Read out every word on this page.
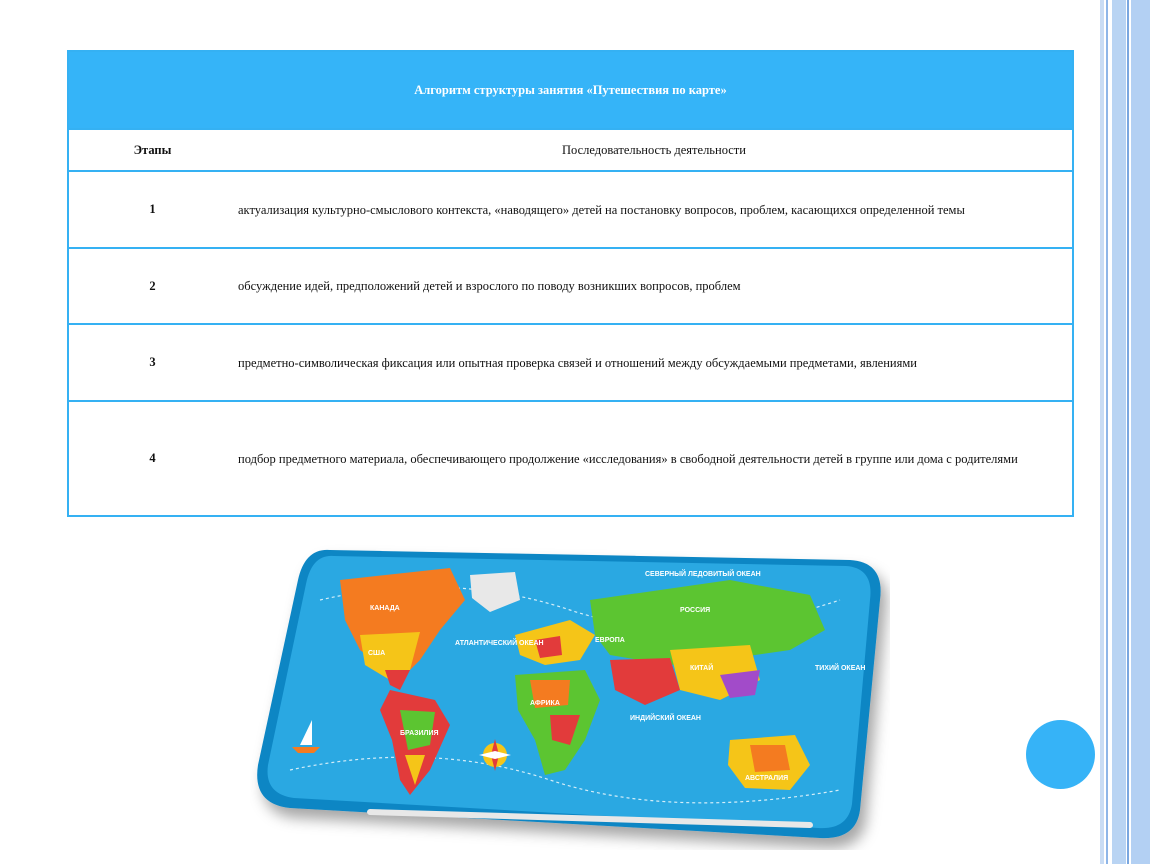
Алгоритм структуры занятия «Путешествия по карте»	
Этапы	Последовательность деятельности
1	актуализация культурно-смыслового контекста, «наводящего» детей на постановку вопросов, проблем, касающихся определенной темы
2	обсуждение идей, предположений детей и взрослого по поводу возникших вопросов, проблем
3	предметно-символическая фиксация или опытная проверка связей и отношений между обсуждаемыми предметами, явлениями
4	подбор предметного материала, обеспечивающего продолжение «исследования» в свободной деятельности детей в группе или дома с родителями
СЕВЕРНЫЙ ЛЕДОВИТЫЙ ОКЕАН
КАНАДА	РОССИЯ
США
АТЛАНТИЧЕСКИЙ ОКЕАН	ЕВРОПА
КИТАЙ	ТИХИЙ ОКЕАН
БРАЗИЛИЯ
АФРИКА
ИНДИЙСКИЙ ОКЕАН
АВСТРАЛИЯ
